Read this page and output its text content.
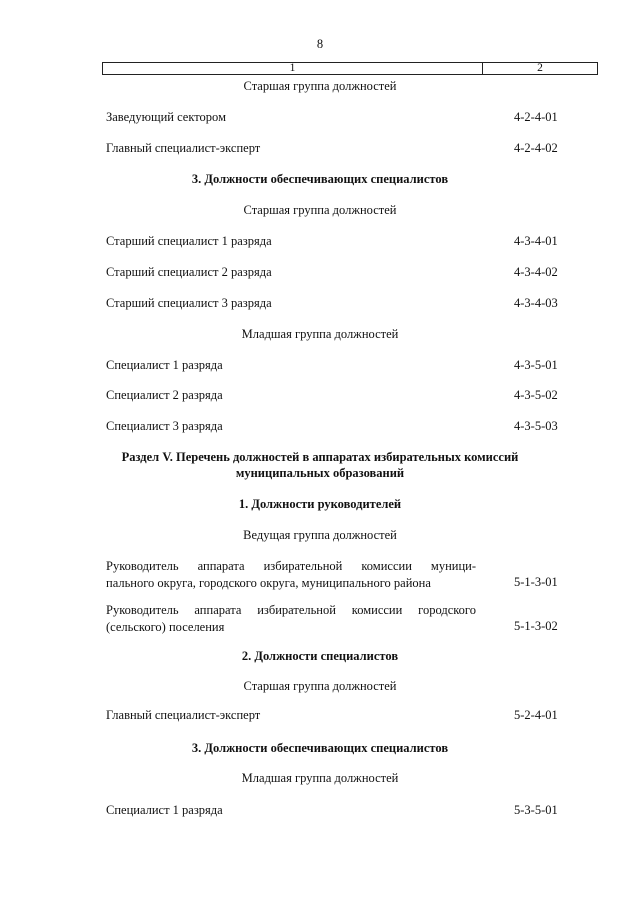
8
1	2
Старшая группа должностей
Заведующий сектором	4-2-4-01
Главный специалист-эксперт	4-2-4-02
3. Должности обеспечивающих специалистов
Старшая группа должностей
Старший специалист 1 разряда	4-3-4-01
Старший специалист 2 разряда	4-3-4-02
Старший специалист 3 разряда	4-3-4-03
Младшая группа должностей
Специалист 1 разряда	4-3-5-01
Специалист 2 разряда	4-3-5-02
Специалист 3 разряда	4-3-5-03
Раздел V. Перечень должностей в аппаратах избирательных комиссий
муниципальных образований
1. Должности руководителей
Ведущая группа должностей
Руководитель аппарата избирательной комиссии муници-
пального округа, городского округа, муниципального района	5-1-3-01
Руководитель аппарата избирательной комиссии городского
(сельского) поселения	5-1-3-02
2. Должности специалистов
Старшая группа должностей
Главный специалист-эксперт	5-2-4-01
3. Должности обеспечивающих специалистов
Младшая группа должностей
Специалист 1 разряда	5-3-5-01
